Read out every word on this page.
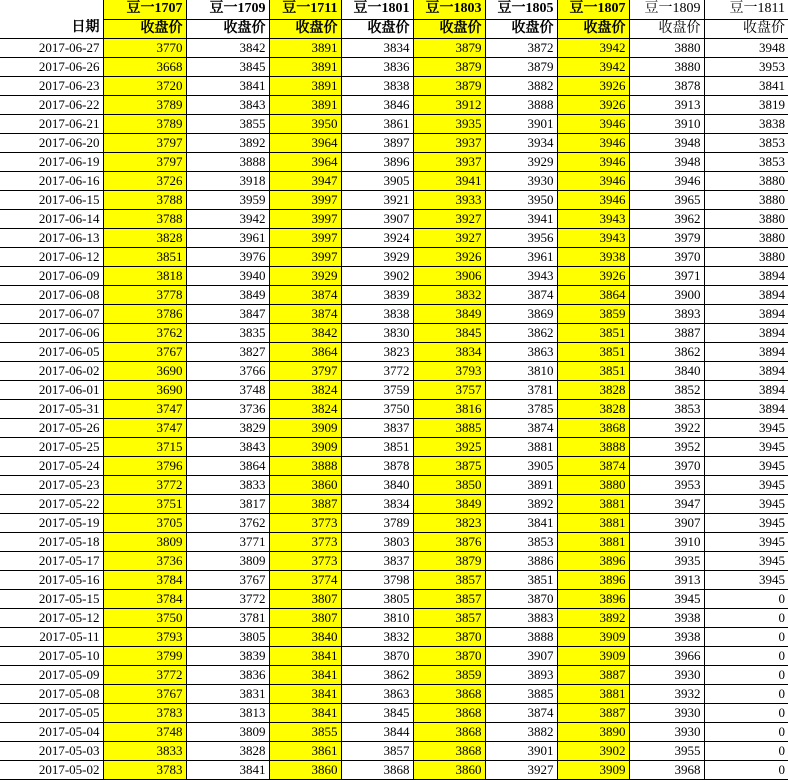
	豆一1707	豆一1709	豆一1711	豆一1801	豆一1803	豆一1805	豆一1807	豆一1809	豆一1811
日期	收盘价	收盘价	收盘价	收盘价	收盘价	收盘价	收盘价	收盘价	收盘价
2017-06-27	3770	3842	3891	3834	3879	3872	3942	3880	3948
2017-06-26	3668	3845	3891	3836	3879	3879	3942	3880	3953
2017-06-23	3720	3841	3891	3838	3879	3882	3926	3878	3841
2017-06-22	3789	3843	3891	3846	3912	3888	3926	3913	3819
2017-06-21	3789	3855	3950	3861	3935	3901	3946	3910	3838
2017-06-20	3797	3892	3964	3897	3937	3934	3946	3948	3853
2017-06-19	3797	3888	3964	3896	3937	3929	3946	3948	3853
2017-06-16	3726	3918	3947	3905	3941	3930	3946	3946	3880
2017-06-15	3788	3959	3997	3921	3933	3950	3946	3965	3880
2017-06-14	3788	3942	3997	3907	3927	3941	3943	3962	3880
2017-06-13	3828	3961	3997	3924	3927	3956	3943	3979	3880
2017-06-12	3851	3976	3997	3929	3926	3961	3938	3970	3880
2017-06-09	3818	3940	3929	3902	3906	3943	3926	3971	3894
2017-06-08	3778	3849	3874	3839	3832	3874	3864	3900	3894
2017-06-07	3786	3847	3874	3838	3849	3869	3859	3893	3894
2017-06-06	3762	3835	3842	3830	3845	3862	3851	3887	3894
2017-06-05	3767	3827	3864	3823	3834	3863	3851	3862	3894
2017-06-02	3690	3766	3797	3772	3793	3810	3851	3840	3894
2017-06-01	3690	3748	3824	3759	3757	3781	3828	3852	3894
2017-05-31	3747	3736	3824	3750	3816	3785	3828	3853	3894
2017-05-26	3747	3829	3909	3837	3885	3874	3868	3922	3945
2017-05-25	3715	3843	3909	3851	3925	3881	3888	3952	3945
2017-05-24	3796	3864	3888	3878	3875	3905	3874	3970	3945
2017-05-23	3772	3833	3860	3840	3850	3891	3880	3953	3945
2017-05-22	3751	3817	3887	3834	3849	3892	3881	3947	3945
2017-05-19	3705	3762	3773	3789	3823	3841	3881	3907	3945
2017-05-18	3809	3771	3773	3803	3876	3853	3881	3910	3945
2017-05-17	3736	3809	3773	3837	3879	3886	3896	3935	3945
2017-05-16	3784	3767	3774	3798	3857	3851	3896	3913	3945
2017-05-15	3784	3772	3807	3805	3857	3870	3896	3945	0
2017-05-12	3750	3781	3807	3810	3857	3883	3892	3938	0
2017-05-11	3793	3805	3840	3832	3870	3888	3909	3938	0
2017-05-10	3799	3839	3841	3870	3870	3907	3909	3966	0
2017-05-09	3772	3836	3841	3862	3859	3893	3887	3930	0
2017-05-08	3767	3831	3841	3863	3868	3885	3881	3932	0
2017-05-05	3783	3813	3841	3845	3868	3874	3887	3930	0
2017-05-04	3748	3809	3855	3844	3868	3882	3890	3930	0
2017-05-03	3833	3828	3861	3857	3868	3901	3902	3955	0
2017-05-02	3783	3841	3860	3868	3860	3927	3909	3968	0
